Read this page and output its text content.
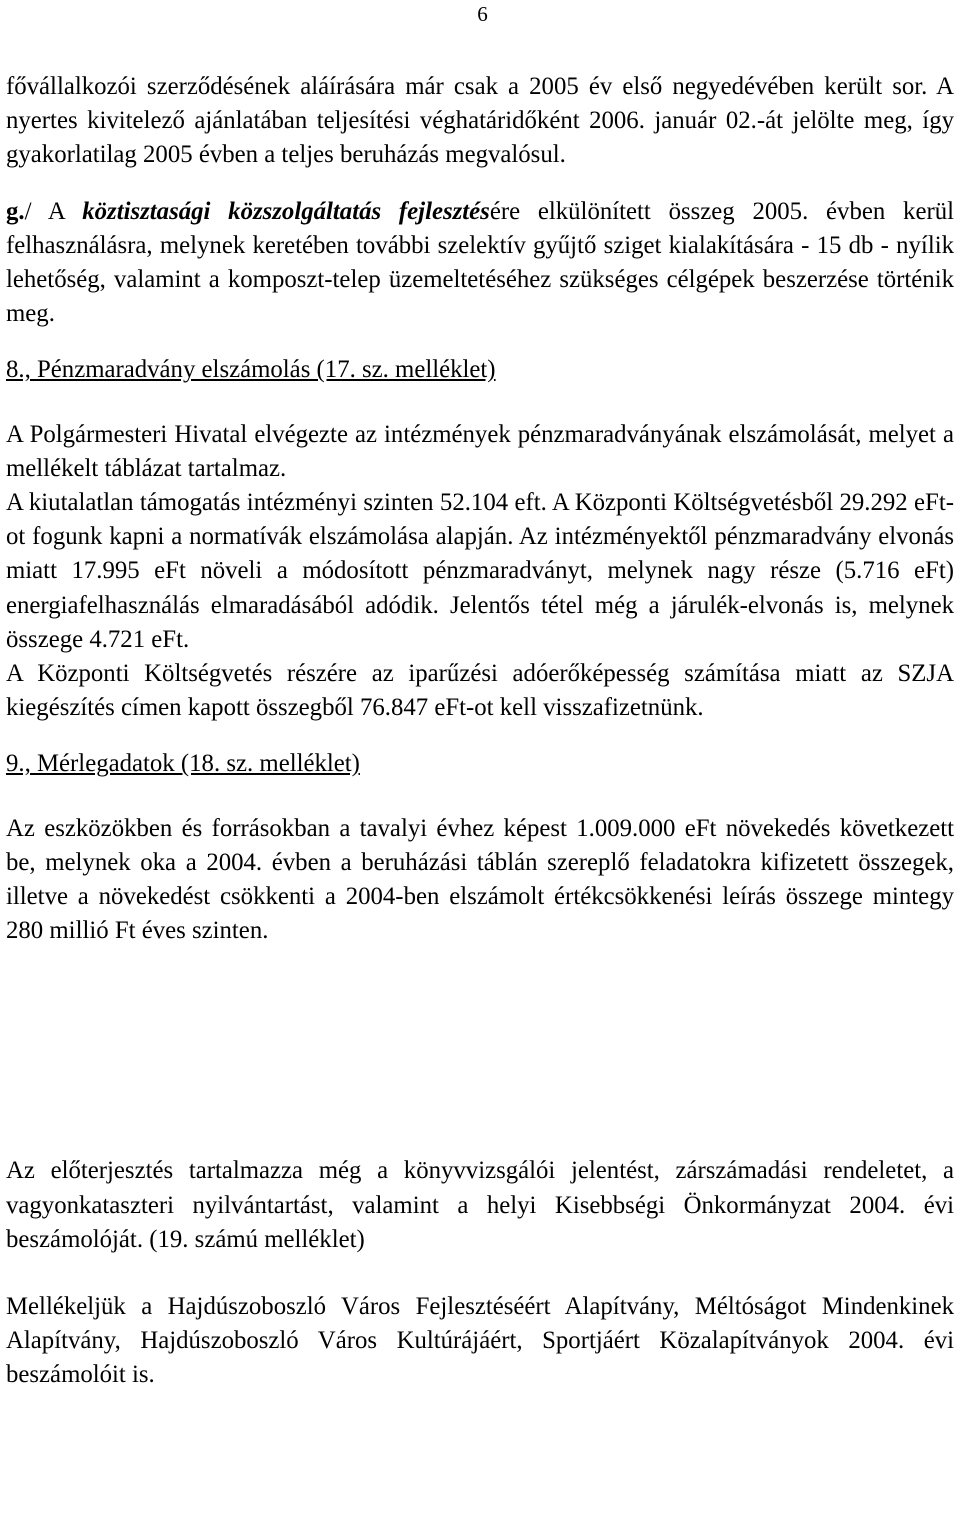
6

fővállalkozói szerződésének aláírására már csak a 2005 év első negyedévében került sor. A nyertes kivitelező ajánlatában teljesítési véghatáridőként 2006. január 02.-át jelölte meg, így gyakorlatilag 2005 évben a teljes beruházás megvalósul.

g./ A köztisztasági közszolgáltatás fejlesztésére elkülönített összeg 2005. évben kerül felhasználásra, melynek keretében további szelektív gyűjtő sziget kialakítására - 15 db - nyílik lehetőség, valamint a komposzt-telep üzemeltetéséhez szükséges célgépek beszerzése történik meg.

8., Pénzmaradvány elszámolás (17. sz. melléklet)

A Polgármesteri Hivatal elvégezte az intézmények pénzmaradványának elszámolását, melyet a mellékelt táblázat tartalmaz.

A kiutalatlan támogatás intézményi szinten 52.104 eft. A Központi Költségvetésből 29.292 eFt-ot fogunk kapni a normatívák elszámolása alapján. Az intézményektől pénzmaradvány elvonás miatt 17.995 eFt növeli a módosított pénzmaradványt, melynek nagy része (5.716 eFt) energiafelhasználás elmaradásából adódik. Jelentős tétel még a járulék-elvonás is, melynek összege 4.721 eFt.

A Központi Költségvetés részére az iparűzési adóerőképesség számítása miatt az SZJA kiegészítés címen kapott összegből 76.847 eFt-ot kell visszafizetnünk.

9., Mérlegadatok (18. sz. melléklet)

Az eszközökben és forrásokban a tavalyi évhez képest 1.009.000 eFt növekedés következett be, melynek oka a 2004. évben a beruházási táblán szereplő feladatokra kifizetett összegek, illetve a növekedést csökkenti a 2004-ben elszámolt értékcsökkenési leírás összege mintegy 280 millió Ft éves szinten.

Az előterjesztés tartalmazza még a könyvvizsgálói jelentést, zárszámadási rendeletet, a vagyonkataszteri nyilvántartást, valamint a helyi Kisebbségi Önkormányzat 2004. évi beszámolóját. (19. számú melléklet)

Mellékeljük a Hajdúszoboszló Város Fejlesztéséért Alapítvány, Méltóságot Mindenkinek Alapítvány, Hajdúszoboszló Város Kultúrájáért, Sportjáért Közalapítványok 2004. évi beszámolóit is.
